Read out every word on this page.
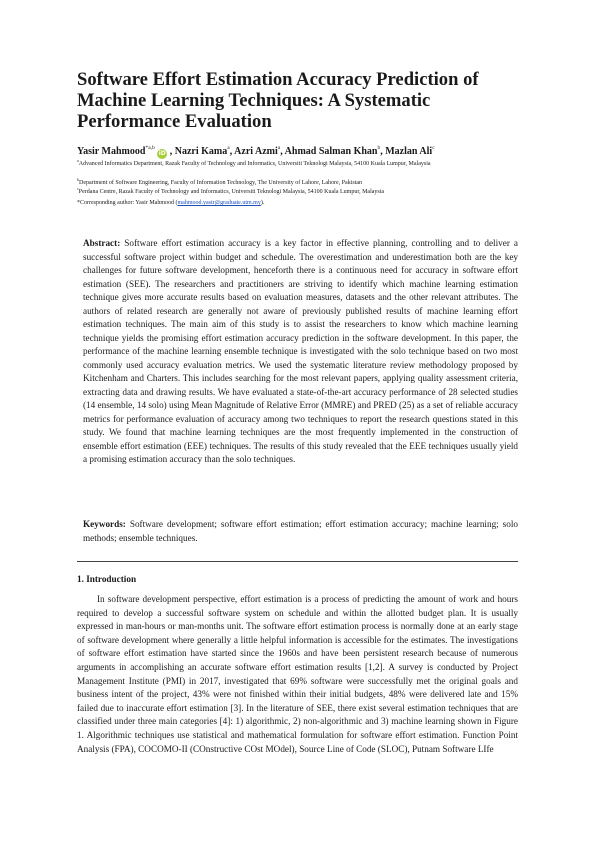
Software Effort Estimation Accuracy Prediction of Machine Learning Techniques: A Systematic Performance Evaluation
Yasir Mahmood$^{*a,b}$ iD , Nazri Kama$^a$, Azri Azmi$^a$, Ahmad Salman Khan$^b$, Mazlan Ali$^c$
$^a$Advanced Informatics Department, Razak Faculty of Technology and Informatics, Universiti Teknologi Malaysia, 54100 Kuala Lumpur, Malaysia
$^b$Department of Software Engineering, Faculty of Information Technology, The University of Lahore, Lahore, Pakistan
$^c$Perdana Centre, Razak Faculty of Technology and Informatics, Universiti Teknologi Malaysia, 54100 Kuala Lumpur, Malaysia
*Corresponding author: Yasir Mahmood (mahmood.yasir@graduate.utm.my).

Abstract: Software effort estimation accuracy is a key factor in effective planning, controlling and to deliver a successful software project within budget and schedule. The overestimation and underestimation both are the key challenges for future software development, henceforth there is a continuous need for accuracy in software effort estimation (SEE). The researchers and practitioners are striving to identify which machine learning estimation technique gives more accurate results based on evaluation measures, datasets and the other relevant attributes. The authors of related research are generally not aware of previously published results of machine learning effort estimation techniques. The main aim of this study is to assist the researchers to know which machine learning technique yields the promising effort estimation accuracy prediction in the software development. In this paper, the performance of the machine learning ensemble technique is investigated with the solo technique based on two most commonly used accuracy evaluation metrics. We used the systematic literature review methodology proposed by Kitchenham and Charters. This includes searching for the most relevant papers, applying quality assessment criteria, extracting data and drawing results. We have evaluated a state-of-the-art accuracy performance of 28 selected studies (14 ensemble, 14 solo) using Mean Magnitude of Relative Error (MMRE) and PRED (25) as a set of reliable accuracy metrics for performance evaluation of accuracy among two techniques to report the research questions stated in this study. We found that machine learning techniques are the most frequently implemented in the construction of ensemble effort estimation (EEE) techniques. The results of this study revealed that the EEE techniques usually yield a promising estimation accuracy than the solo techniques.

Keywords: Software development; software effort estimation; effort estimation accuracy; machine learning; solo methods; ensemble techniques.

1. Introduction

In software development perspective, effort estimation is a process of predicting the amount of work and hours required to develop a successful software system on schedule and within the allotted budget plan. It is usually expressed in man-hours or man-months unit. The software effort estimation process is normally done at an early stage of software development where generally a little helpful information is accessible for the estimates. The investigations of software effort estimation have started since the 1960s and have been persistent research because of numerous arguments in accomplishing an accurate software effort estimation results [1,2]. A survey is conducted by Project Management Institute (PMI) in 2017, investigated that 69% software were successfully met the original goals and business intent of the project, 43% were not finished within their initial budgets, 48% were delivered late and 15% failed due to inaccurate effort estimation [3]. In the literature of SEE, there exist several estimation techniques that are classified under three main categories [4]: 1) algorithmic, 2) non-algorithmic and 3) machine learning shown in Figure 1. Algorithmic techniques use statistical and mathematical formulation for software effort estimation. Function Point Analysis (FPA), COCOMO-II (COnstructive COst MOdel), Source Line of Code (SLOC), Putnam Software LIfe
